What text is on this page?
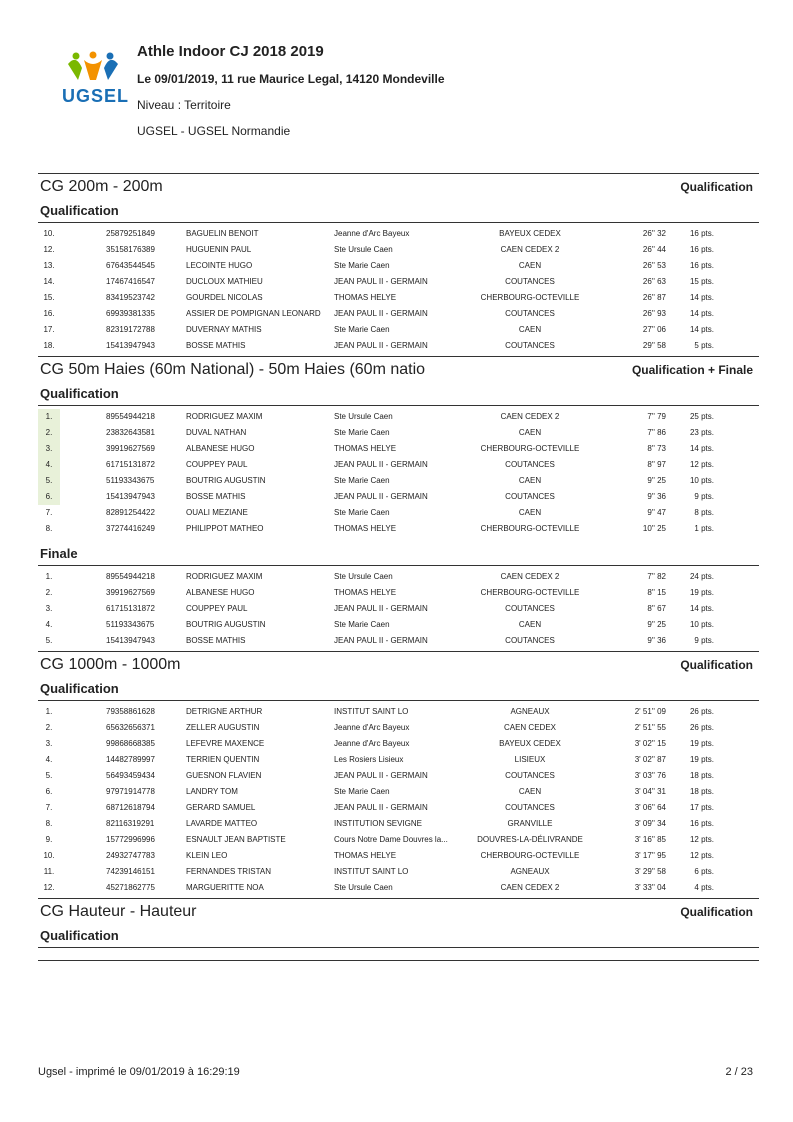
UGSEL
Athle Indoor CJ 2018 2019
Le 09/01/2019, 11 rue Maurice Legal, 14120 Mondeville
Niveau : Territoire
UGSEL - UGSEL Normandie
CG 200m - 200m	Qualification
Qualification
10.	25879251849	BAGUELIN BENOIT	Jeanne d'Arc Bayeux	BAYEUX CEDEX	26'' 32	16 pts.
12.	35158176389	HUGUENIN PAUL	Ste Ursule Caen	CAEN CEDEX 2	26'' 44	16 pts.
13.	67643544545	LECOINTE HUGO	Ste Marie Caen	CAEN	26'' 53	16 pts.
14.	17467416547	DUCLOUX MATHIEU	JEAN PAUL II - GERMAIN	COUTANCES	26'' 63	15 pts.
15.	83419523742	GOURDEL NICOLAS	THOMAS HELYE	CHERBOURG-OCTEVILLE	26'' 87	14 pts.
16.	69939381335	ASSIER DE POMPIGNAN LEONARD JEAN PAUL II - GERMAIN	COUTANCES	26'' 93	14 pts.
17.	82319172788	DUVERNAY MATHIS	Ste Marie Caen	CAEN	27'' 06	14 pts.
18.	15413947943	BOSSE MATHIS	JEAN PAUL II - GERMAIN	COUTANCES	29'' 58	5 pts.
CG 50m Haies (60m National) - 50m Haies (60m natio	Qualification + Finale
Qualification
1.	89554944218	RODRIGUEZ MAXIM	Ste Ursule Caen	CAEN CEDEX 2	7'' 79	25 pts.
2.	23832643581	DUVAL NATHAN	Ste Marie Caen	CAEN	7'' 86	23 pts.
3.	39919627569	ALBANESE HUGO	THOMAS HELYE	CHERBOURG-OCTEVILLE	8'' 73	14 pts.
4.	61715131872	COUPPEY PAUL	JEAN PAUL II - GERMAIN	COUTANCES	8'' 97	12 pts.
5.	51193343675	BOUTRIG AUGUSTIN	Ste Marie Caen	CAEN	9'' 25	10 pts.
6.	15413947943	BOSSE MATHIS	JEAN PAUL II - GERMAIN	COUTANCES	9'' 36	9 pts.
7.	82891254422	OUALI MEZIANE	Ste Marie Caen	CAEN	9'' 47	8 pts.
8.	37274416249	PHILIPPOT MATHEO	THOMAS HELYE	CHERBOURG-OCTEVILLE	10'' 25	1 pts.
Finale
1.	89554944218	RODRIGUEZ MAXIM	Ste Ursule Caen	CAEN CEDEX 2	7'' 82	24 pts.
2.	39919627569	ALBANESE HUGO	THOMAS HELYE	CHERBOURG-OCTEVILLE	8'' 15	19 pts.
3.	61715131872	COUPPEY PAUL	JEAN PAUL II - GERMAIN	COUTANCES	8'' 67	14 pts.
4.	51193343675	BOUTRIG AUGUSTIN	Ste Marie Caen	CAEN	9'' 25	10 pts.
5.	15413947943	BOSSE MATHIS	JEAN PAUL II - GERMAIN	COUTANCES	9'' 36	9 pts.
CG 1000m - 1000m	Qualification
Qualification
1.	79358861628	DETRIGNE ARTHUR	INSTITUT SAINT LO	AGNEAUX	2' 51'' 09	26 pts.
2.	65632656371	ZELLER AUGUSTIN	Jeanne d'Arc Bayeux	CAEN CEDEX	2' 51'' 55	26 pts.
3.	99868668385	LEFEVRE MAXENCE	Jeanne d'Arc Bayeux	BAYEUX CEDEX	3' 02'' 15	19 pts.
4.	14482789997	TERRIEN QUENTIN	Les Rosiers Lisieux	LISIEUX	3' 02'' 87	19 pts.
5.	56493459434	GUESNON FLAVIEN	JEAN PAUL II - GERMAIN	COUTANCES	3' 03'' 76	18 pts.
6.	97971914778	LANDRY TOM	Ste Marie Caen	CAEN	3' 04'' 31	18 pts.
7.	68712618794	GERARD SAMUEL	JEAN PAUL II - GERMAIN	COUTANCES	3' 06'' 64	17 pts.
8.	82116319291	LAVARDE MATTEO	INSTITUTION SEVIGNE	GRANVILLE	3' 09'' 34	16 pts.
9.	15772996996	ESNAULT JEAN BAPTISTE	Cours Notre Dame Douvres la...	DOUVRES-LA-DÉLIVRANDE	3' 16'' 85	12 pts.
10.	24932747783	KLEIN LEO	THOMAS HELYE	CHERBOURG-OCTEVILLE	3' 17'' 95	12 pts.
11.	74239146151	FERNANDES TRISTAN	INSTITUT SAINT LO	AGNEAUX	3' 29'' 58	6 pts.
12.	45271862775	MARGUERITTE NOA	Ste Ursule Caen	CAEN CEDEX 2	3' 33'' 04	4 pts.
CG Hauteur - Hauteur	Qualification
Qualification
Ugsel - imprimé le 09/01/2019 à 16:29:19	2 / 23
